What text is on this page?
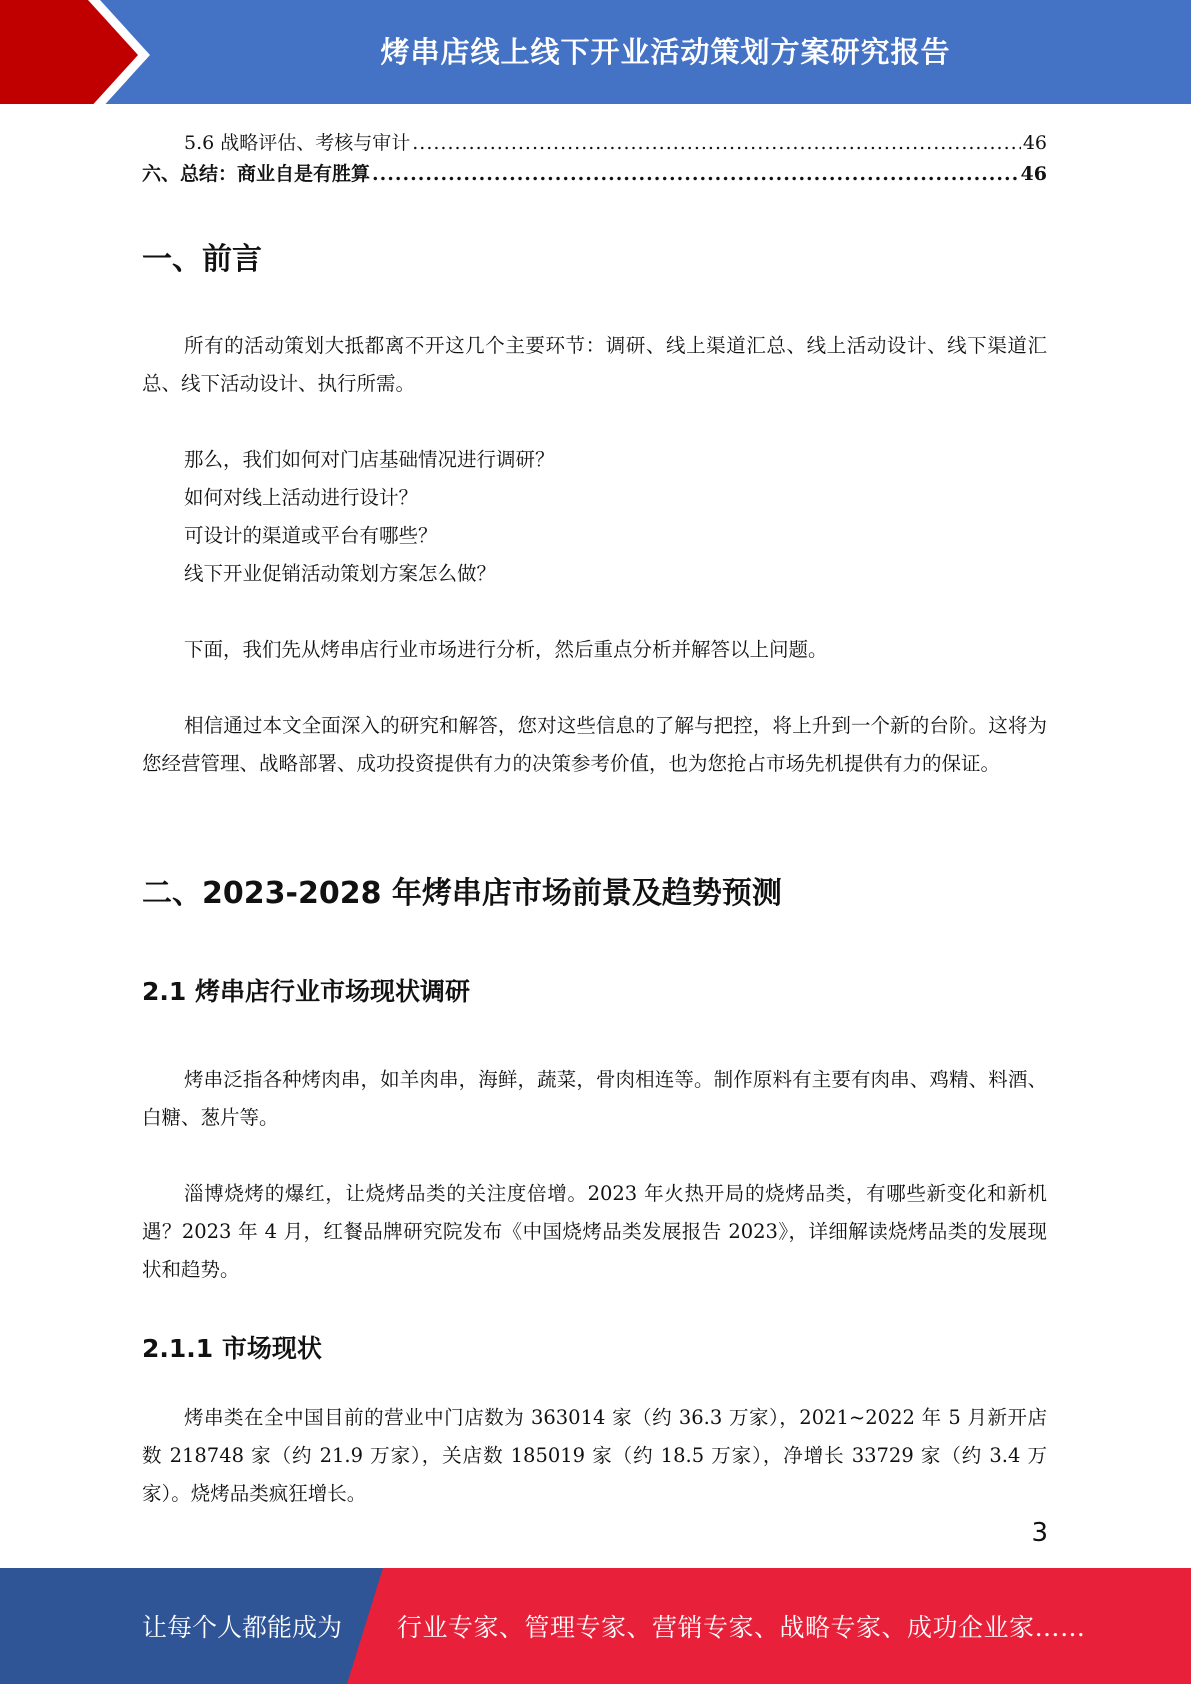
烤串店线上线下开业活动策划方案研究报告
5.6 战略评估、考核与审计 .....	46
六、总结：商业自是有胜算 .....	46
一、前言

所有的活动策划大抵都离不开这几个主要环节：调研、线上渠道汇总、线上活动设计、线下渠道汇总、线下活动设计、执行所需。

那么，我们如何对门店基础情况进行调研？
如何对线上活动进行设计？
可设计的渠道或平台有哪些？
线下开业促销活动策划方案怎么做？

下面，我们先从烤串店行业市场进行分析，然后重点分析并解答以上问题。

相信通过本文全面深入的研究和解答，您对这些信息的了解与把控，将上升到一个新的台阶。这将为您经营管理、战略部署、成功投资提供有力的决策参考价值，也为您抢占市场先机提供有力的保证。

二、2023-2028 年烤串店市场前景及趋势预测
2.1 烤串店行业市场现状调研

烤串泛指各种烤肉串，如羊肉串，海鲜，蔬菜，骨肉相连等。制作原料有主要有肉串、鸡精、料酒、白糖、葱片等。

淄博烧烤的爆红，让烧烤品类的关注度倍增。2023 年火热开局的烧烤品类，有哪些新变化和新机遇？2023 年 4 月，红餐品牌研究院发布《中国烧烤品类发展报告 2023》，详细解读烧烤品类的发展现状和趋势。

2.1.1 市场现状

烤串类在全中国目前的营业中门店数为 363014 家（约 36.3 万家），2021~2022 年 5 月新开店数 218748 家（约 21.9 万家），关店数 185019 家（约 18.5 万家），净增长 33729 家（约 3.4 万家）。烧烤品类疯狂增长。

3
让每个人都能成为 行业专家、管理专家、营销专家、战略专家、成功企业家……
